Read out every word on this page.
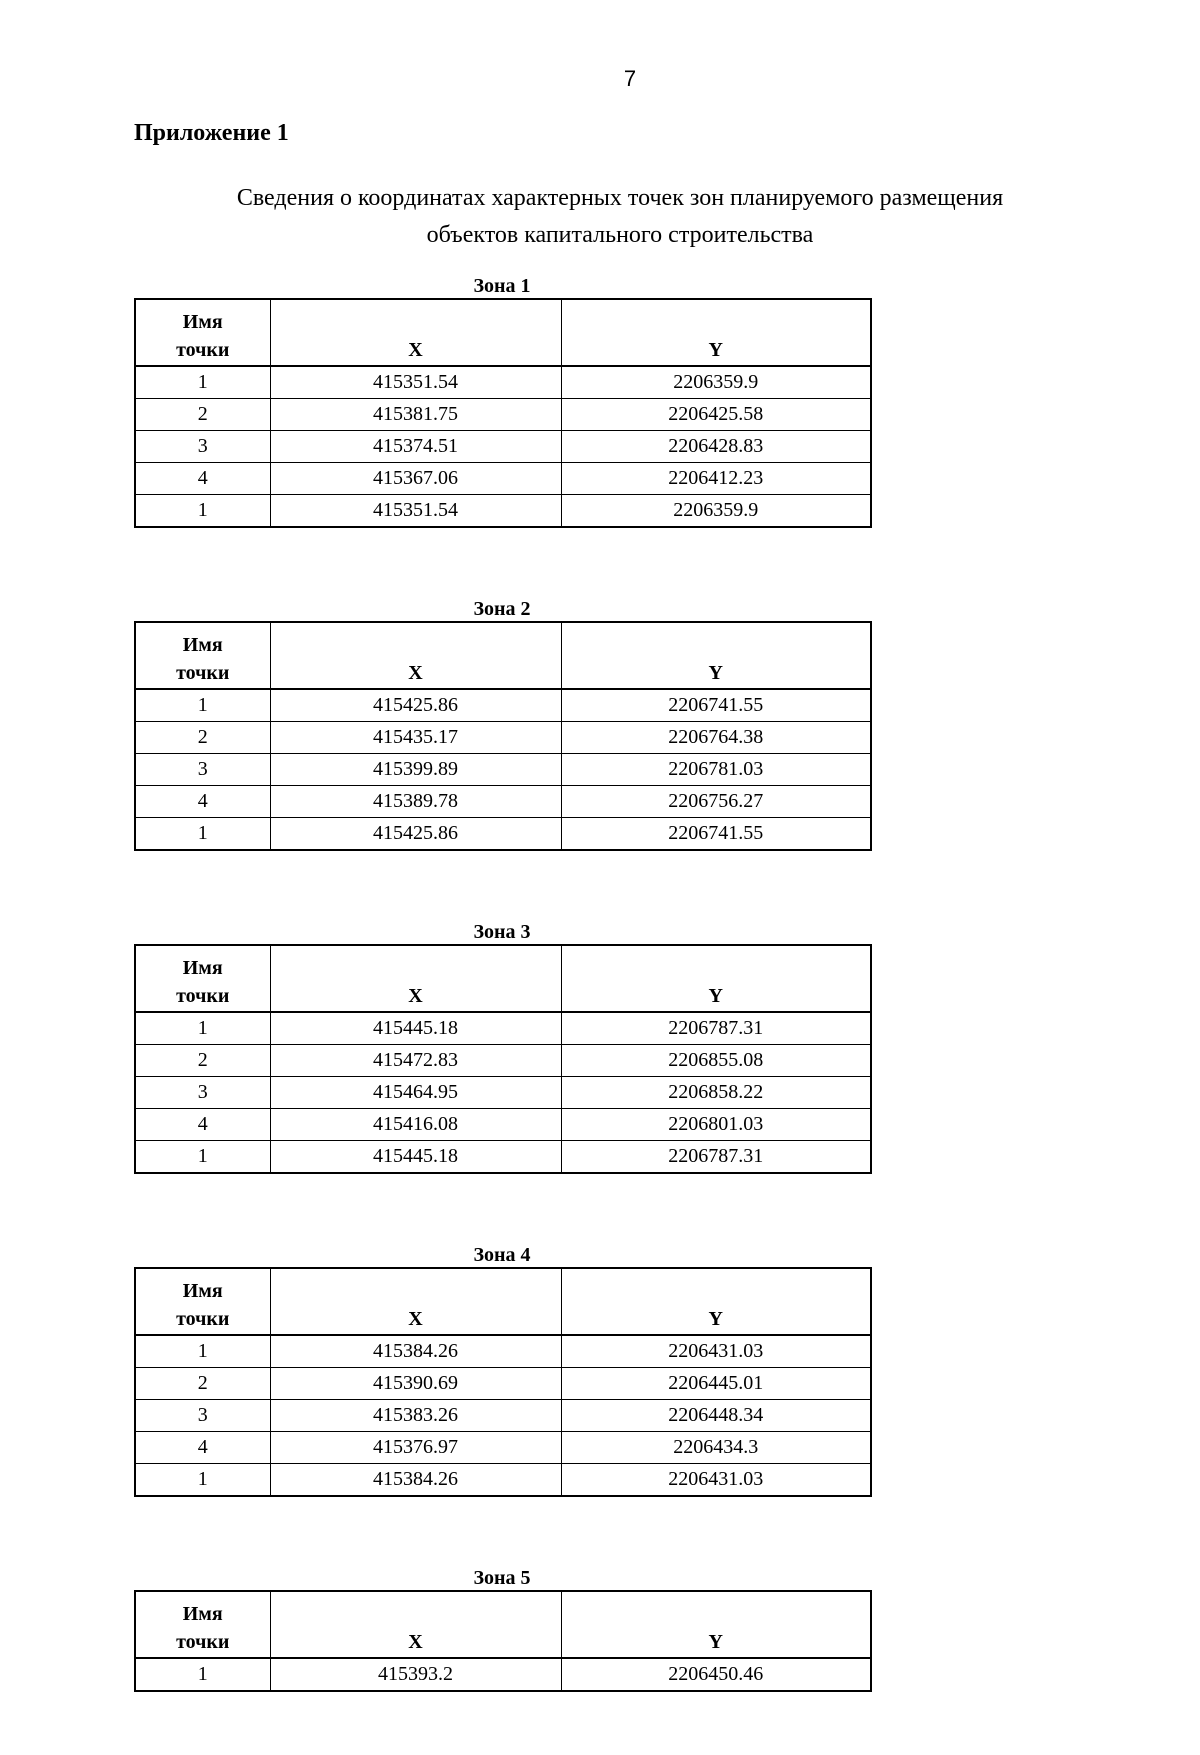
7
Приложение 1
Сведения о координатах характерных точек зон планируемого размещения
объектов капитального строительства
Зона 1
Имя
точки	X	Y
1	415351.54	2206359.9
2	415381.75	2206425.58
3	415374.51	2206428.83
4	415367.06	2206412.23
1	415351.54	2206359.9
Зона 2
Имя
точки	X	Y
1	415425.86	2206741.55
2	415435.17	2206764.38
3	415399.89	2206781.03
4	415389.78	2206756.27
1	415425.86	2206741.55
Зона 3
Имя
точки	X	Y
1	415445.18	2206787.31
2	415472.83	2206855.08
3	415464.95	2206858.22
4	415416.08	2206801.03
1	415445.18	2206787.31
Зона 4
Имя
точки	X	Y
1	415384.26	2206431.03
2	415390.69	2206445.01
3	415383.26	2206448.34
4	415376.97	2206434.3
1	415384.26	2206431.03
Зона 5
Имя
точки	X	Y
1	415393.2	2206450.46
